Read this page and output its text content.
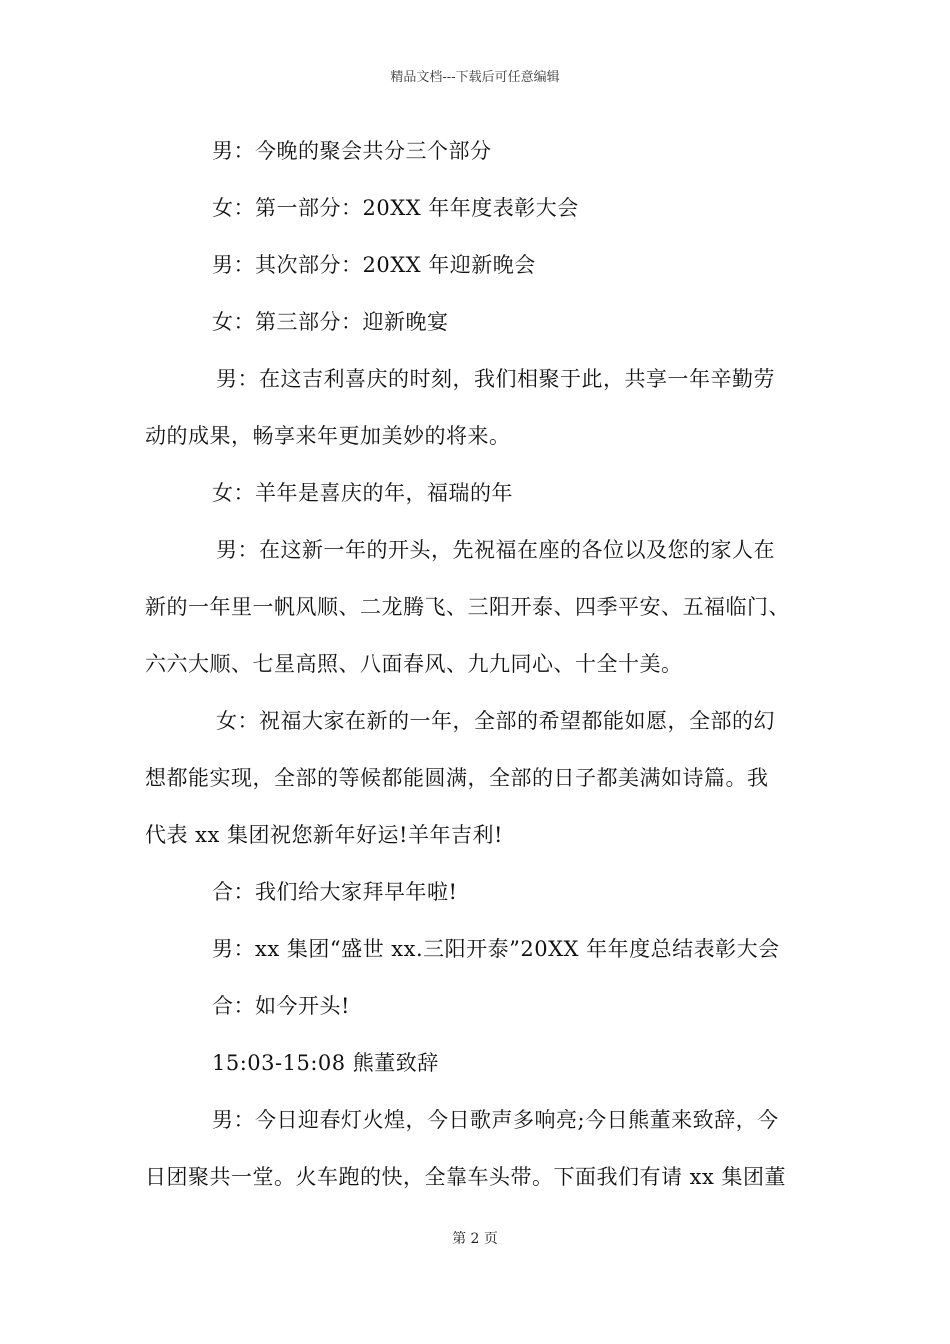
精品文档---下载后可任意编辑
男：今晚的聚会共分三个部分
女：第一部分：20XX 年年度表彰大会
男：其次部分：20XX 年迎新晚会
女：第三部分：迎新晚宴
男：在这吉利喜庆的时刻，我们相聚于此，共享一年辛勤劳
动的成果，畅享来年更加美妙的将来。
女：羊年是喜庆的年，福瑞的年
男：在这新一年的开头，先祝福在座的各位以及您的家人在
新的一年里一帆风顺、二龙腾飞、三阳开泰、四季平安、五福临门、
六六大顺、七星高照、八面春风、九九同心、十全十美。
女：祝福大家在新的一年，全部的希望都能如愿，全部的幻
想都能实现，全部的等候都能圆满，全部的日子都美满如诗篇。我
代表 xx 集团祝您新年好运!羊年吉利!
合：我们给大家拜早年啦!
男：xx 集团“盛世 xx.三阳开泰”20XX 年年度总结表彰大会
合：如今开头!
15:03-15:08 熊董致辞
男：今日迎春灯火煌，今日歌声多响亮;今日熊董来致辞，今
日团聚共一堂。火车跑的快，全靠车头带。下面我们有请 xx 集团董
第 2 页
